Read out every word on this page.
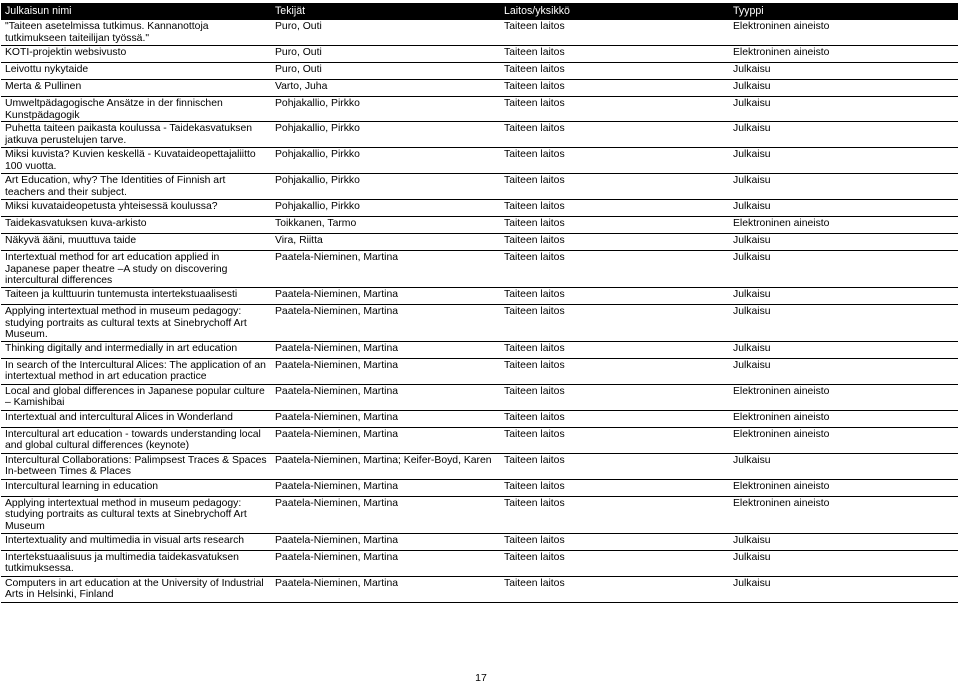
Julkaisun nimi	Tekijät	Laitos/yksikkö	Tyyppi
"Taiteen asetelmissa tutkimus. Kannanottoja tutkimukseen taiteilijan työssä."	Puro, Outi	Taiteen laitos	Elektroninen aineisto
KOTI-projektin websivusto	Puro, Outi	Taiteen laitos	Elektroninen aineisto
Leivottu nykytaide	Puro, Outi	Taiteen laitos	Julkaisu
Merta & Pullinen	Varto, Juha	Taiteen laitos	Julkaisu
Umweltpädagogische Ansätze in der finnischen Kunstpädagogik	Pohjakallio, Pirkko	Taiteen laitos	Julkaisu
Puhetta taiteen paikasta koulussa - Taidekasvatuksen jatkuva perustelujen tarve.	Pohjakallio, Pirkko	Taiteen laitos	Julkaisu
Miksi kuvista? Kuvien keskellä - Kuvataideopettajaliitto 100 vuotta.	Pohjakallio, Pirkko	Taiteen laitos	Julkaisu
Art Education, why? The Identities of Finnish art teachers and their subject.	Pohjakallio, Pirkko	Taiteen laitos	Julkaisu
Miksi kuvataideopetusta yhteisessä koulussa?	Pohjakallio, Pirkko	Taiteen laitos	Julkaisu
Taidekasvatuksen kuva-arkisto	Toikkanen, Tarmo	Taiteen laitos	Elektroninen aineisto
Näkyvä ääni, muuttuva taide	Vira, Riitta	Taiteen laitos	Julkaisu
Intertextual method for art education applied in Japanese paper theatre –A study on discovering intercultural differences	Paatela-Nieminen, Martina	Taiteen laitos	Julkaisu
Taiteen ja kulttuurin tuntemusta intertekstuaalisesti	Paatela-Nieminen, Martina	Taiteen laitos	Julkaisu
Applying intertextual method in museum pedagogy: studying portraits as cultural texts at Sinebrychoff Art Museum.	Paatela-Nieminen, Martina	Taiteen laitos	Julkaisu
Thinking digitally and intermedially in art education	Paatela-Nieminen, Martina	Taiteen laitos	Julkaisu
In search of the Intercultural Alices: The application of an intertextual method in art education practice	Paatela-Nieminen, Martina	Taiteen laitos	Julkaisu
Local and global differences in Japanese popular culture – Kamishibai	Paatela-Nieminen, Martina	Taiteen laitos	Elektroninen aineisto
Intertextual and intercultural Alices in Wonderland	Paatela-Nieminen, Martina	Taiteen laitos	Elektroninen aineisto
Intercultural art education - towards understanding local and global cultural differences (keynote)	Paatela-Nieminen, Martina	Taiteen laitos	Elektroninen aineisto
Intercultural Collaborations: Palimpsest Traces & Spaces In-between Times & Places	Paatela-Nieminen, Martina; Keifer-Boyd, Karen	Taiteen laitos	Julkaisu
Intercultural learning in education	Paatela-Nieminen, Martina	Taiteen laitos	Elektroninen aineisto
Applying intertextual method in museum pedagogy: studying portraits as cultural texts at Sinebrychoff Art Museum	Paatela-Nieminen, Martina	Taiteen laitos	Elektroninen aineisto
Intertextuality and multimedia in visual arts research	Paatela-Nieminen, Martina	Taiteen laitos	Julkaisu
Intertekstuaalisuus ja multimedia taidekasvatuksen tutkimuksessa.	Paatela-Nieminen, Martina	Taiteen laitos	Julkaisu
Computers in art education at the University of Industrial Arts in Helsinki, Finland	Paatela-Nieminen, Martina	Taiteen laitos	Julkaisu
17
